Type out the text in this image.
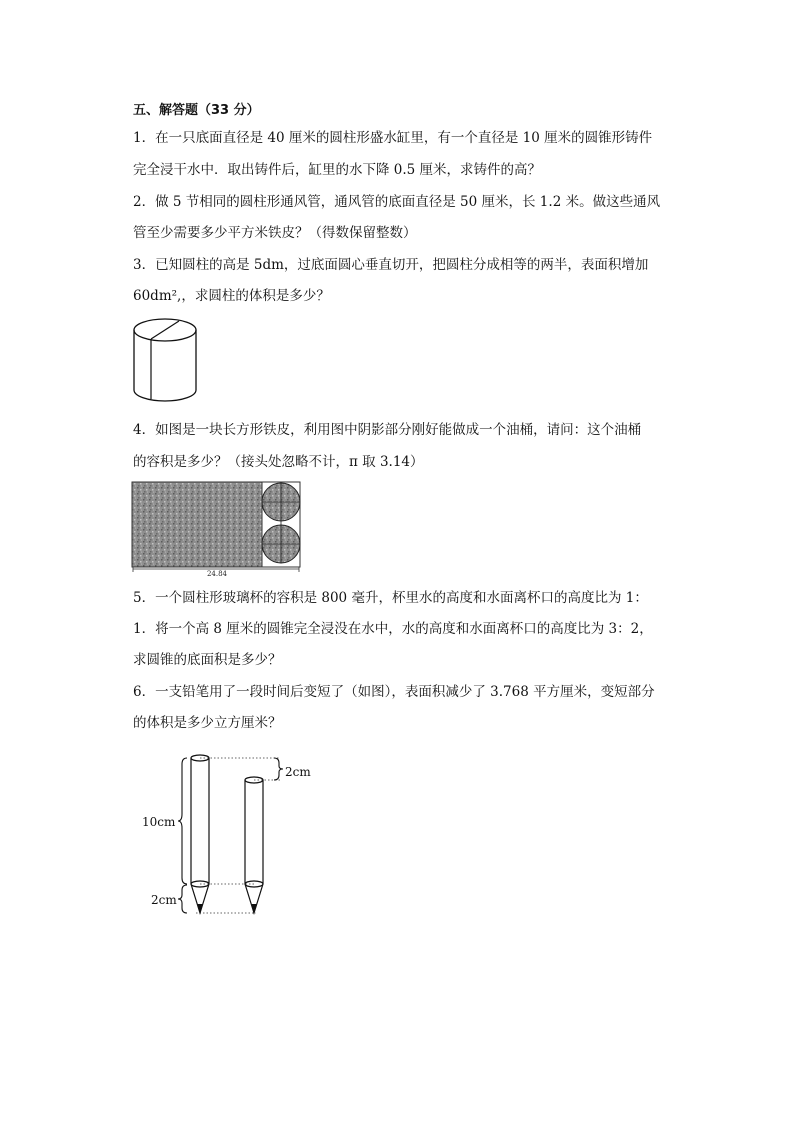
五、解答题（33 分）
1．在一只底面直径是 40 厘米的圆柱形盛水缸里，有一个直径是 10 厘米的圆锥形铸件
完全浸干水中．取出铸件后，缸里的水下降 0.5 厘米，求铸件的高？
2．做 5 节相同的圆柱形通风管，通风管的底面直径是 50 厘米，长 1.2 米。做这些通风
管至少需要多少平方米铁皮？（得数保留整数）
3．已知圆柱的高是 5dm，过底面圆心垂直切开，把圆柱分成相等的两半，表面积增加
60dm²,，求圆柱的体积是多少？
4．如图是一块长方形铁皮，利用图中阴影部分刚好能做成一个油桶，请问：这个油桶
的容积是多少？（接头处忽略不计，π 取 3.14）
24.84
5．一个圆柱形玻璃杯的容积是 800 毫升，杯里水的高度和水面离杯口的高度比为 1：
1．将一个高 8 厘米的圆锥完全浸没在水中，水的高度和水面离杯口的高度比为 3：2，
求圆锥的底面积是多少？
6．一支铅笔用了一段时间后变短了（如图），表面积减少了 3.768 平方厘米，变短部分
的体积是多少立方厘米？
2cm
10cm
2cm
